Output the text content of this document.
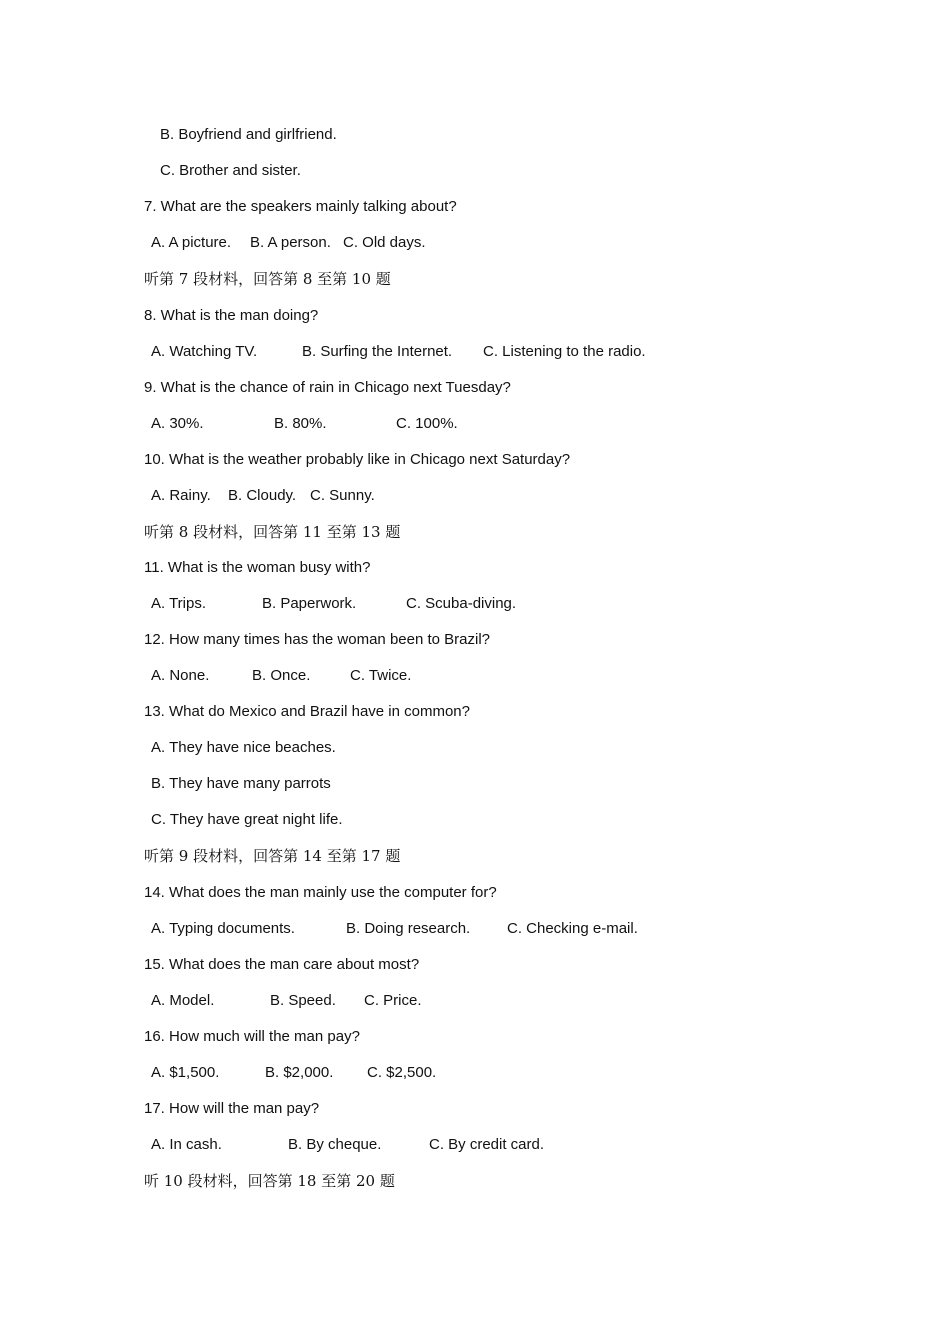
B. Boyfriend and girlfriend.
C. Brother and sister.
7. What are the speakers mainly talking about?
A. A picture. B. A person. C. Old days.
听第 7 段材料，回答第 8 至第 10 题
8. What is the man doing?
A. Watching TV.	B. Surfing the Internet. C. Listening to the radio.
9. What is the chance of rain in Chicago next Tuesday?
A. 30%.	B. 80%.	C. 100%.
10. What is the weather probably like in Chicago next Saturday?
A. Rainy. B. Cloudy. C. Sunny.
听第 8 段材料，回答第 11 至第 13 题
11. What is the woman busy with?
A. Trips.	B. Paperwork.	C. Scuba-diving.
12. How many times has the woman been to Brazil?
A. None.	B. Once.	C. Twice.
13. What do Mexico and Brazil have in common?
A. They have nice beaches.
B. They have many parrots
C. They have great night life.
听第 9 段材料，回答第 14 至第 17 题
14. What does the man mainly use the computer for?
A. Typing documents.	B. Doing research. C. Checking e-mail.
15. What does the man care about most?
A. Model.	B. Speed. C. Price.
16. How much will the man pay?
A. $1,500.	B. $2,000. C. $2,500.
17. How will the man pay?
A. In cash.	B. By cheque.	C. By credit card.
听 10 段材料，回答第 18 至第 20 题
